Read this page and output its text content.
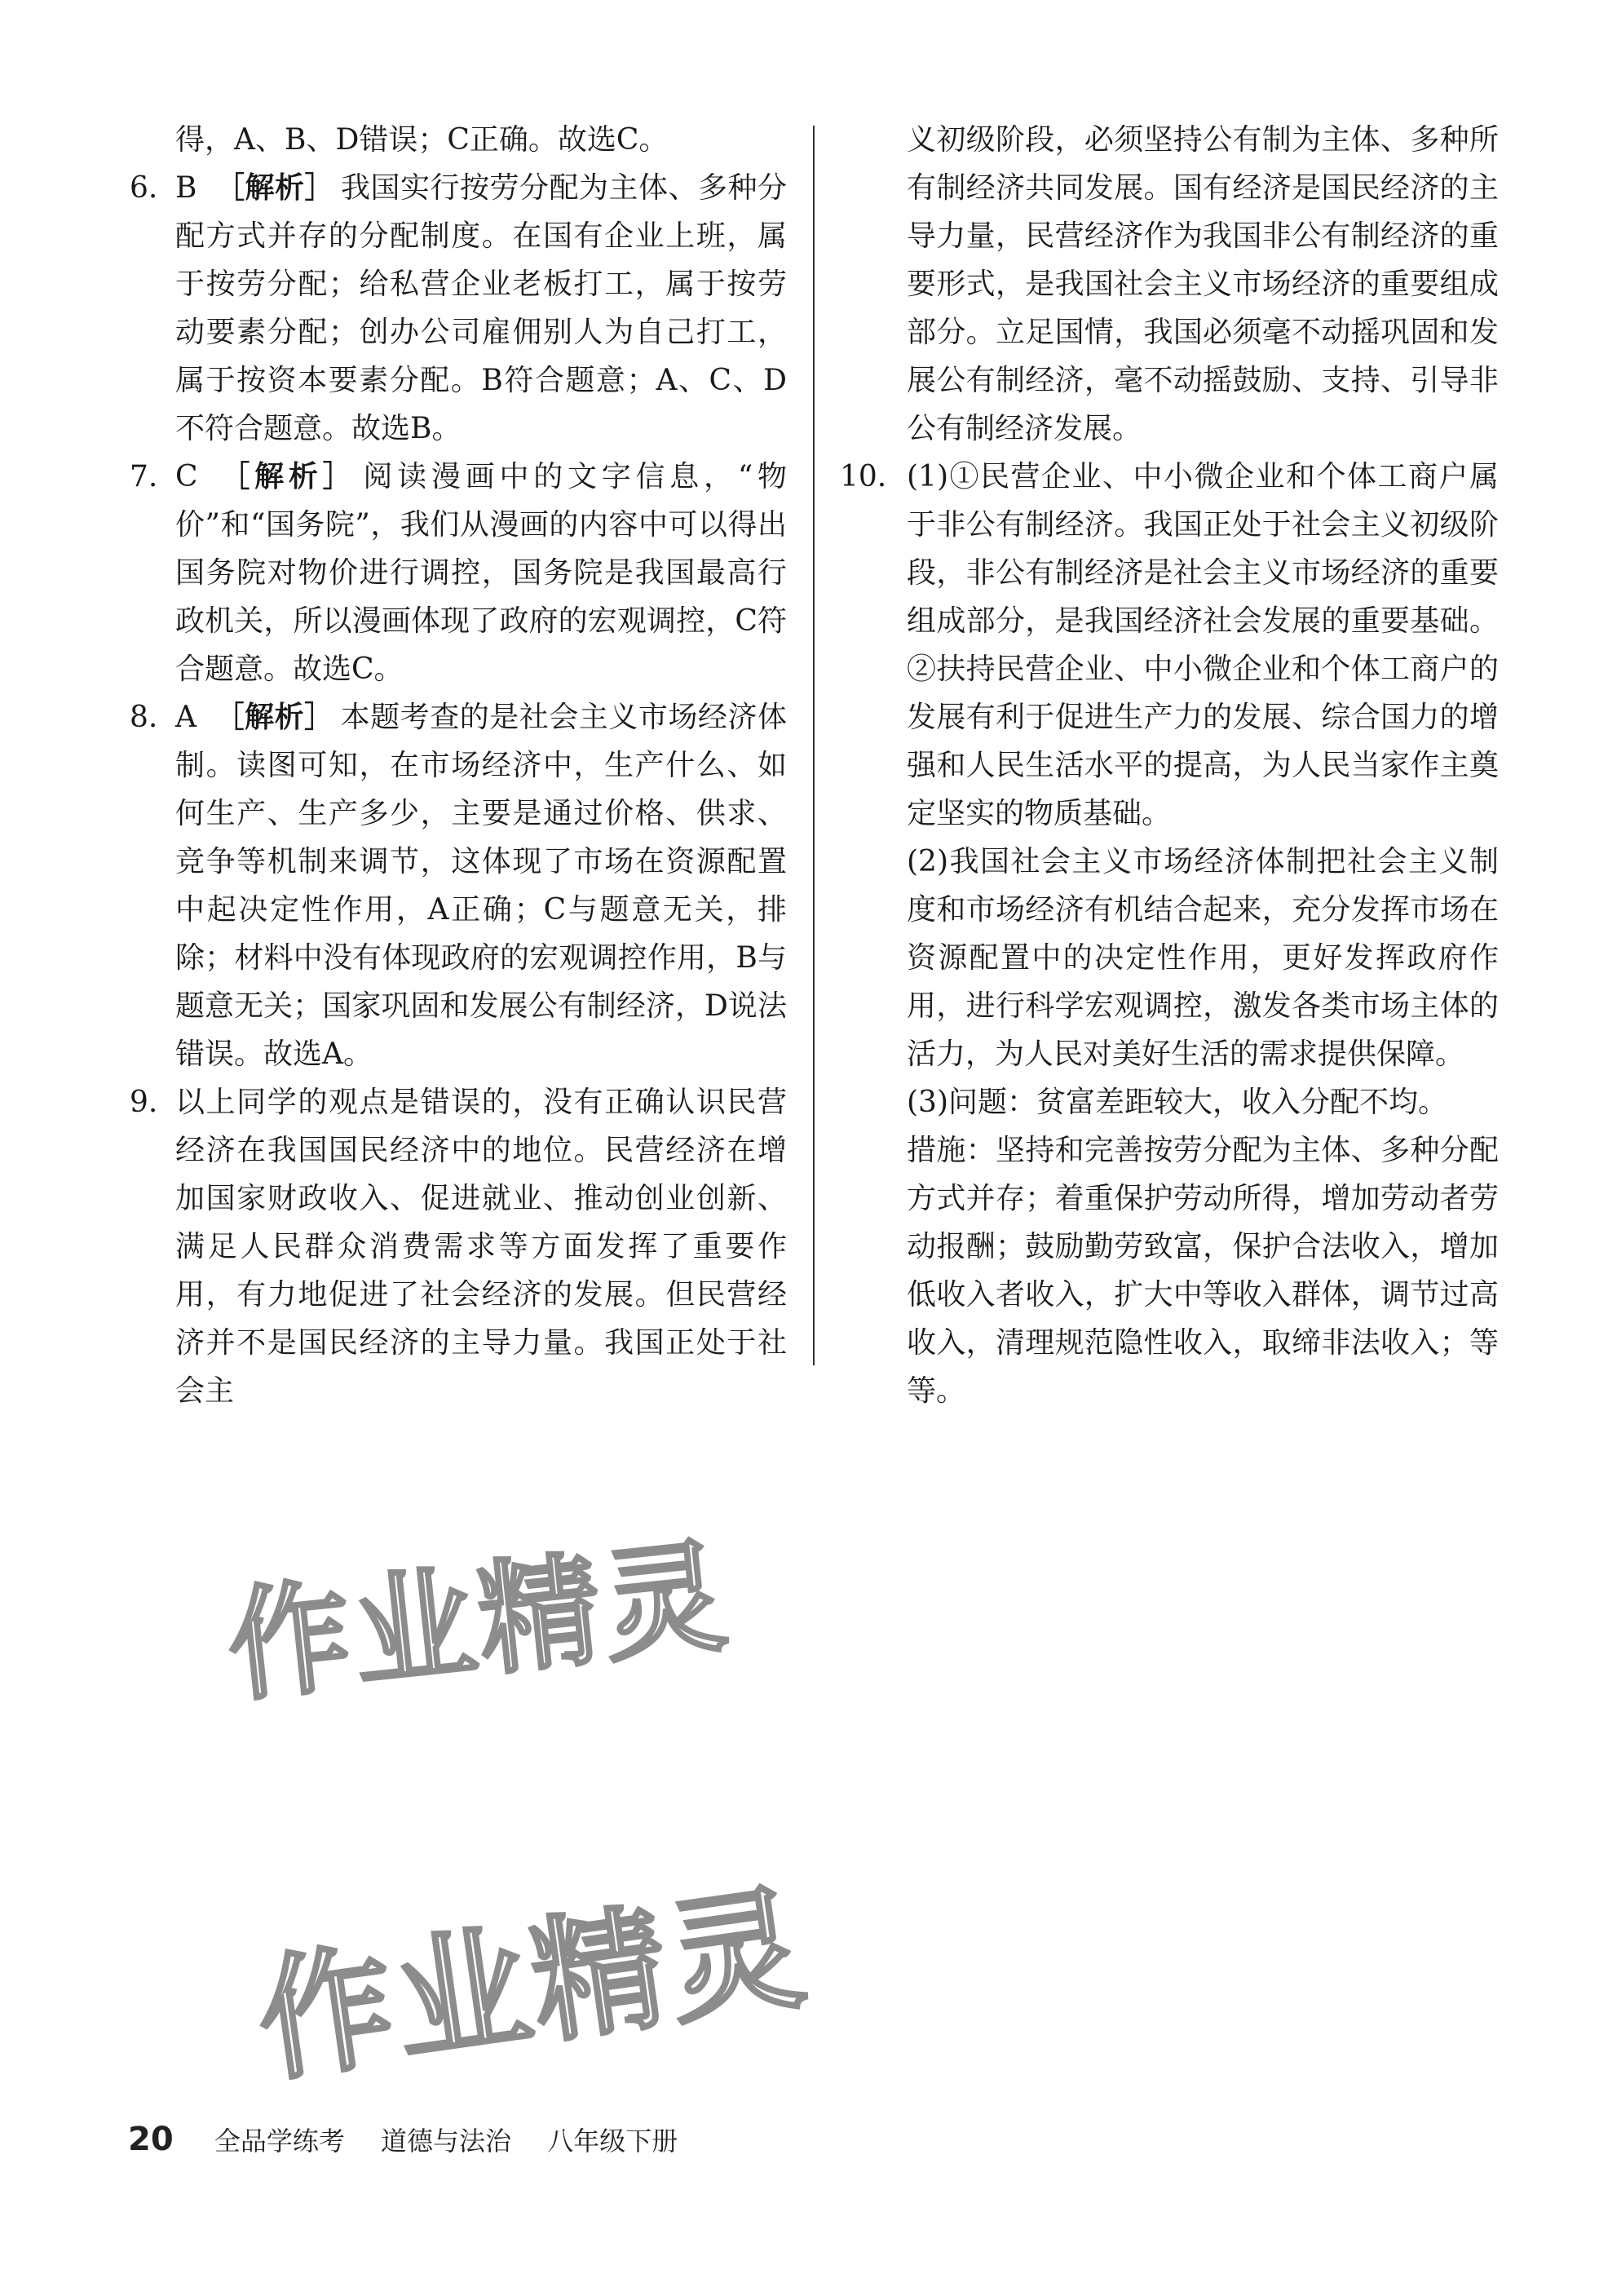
得，A、B、D错误；C正确。故选C。

6. B ［解析］ 我国实行按劳分配为主体、多种分配方式并存的分配制度。在国有企业上班，属于按劳分配；给私营企业老板打工，属于按劳动要素分配；创办公司雇佣别人为自己打工，属于按资本要素分配。B符合题意；A、C、D不符合题意。故选B。
7. C ［解析］ 阅读漫画中的文字信息，“物价”和“国务院”，我们从漫画的内容中可以得出国务院对物价进行调控，国务院是我国最高行政机关，所以漫画体现了政府的宏观调控，C符合题意。故选C。
8. A ［解析］ 本题考查的是社会主义市场经济体制。读图可知，在市场经济中，生产什么、如何生产、生产多少，主要是通过价格、供求、竞争等机制来调节，这体现了市场在资源配置中起决定性作用，A正确；C与题意无关，排除；材料中没有体现政府的宏观调控作用，B与题意无关；国家巩固和发展公有制经济，D说法错误。故选A。
9. 以上同学的观点是错误的，没有正确认识民营经济在我国国民经济中的地位。民营经济在增加国家财政收入、促进就业、推动创业创新、满足人民群众消费需求等方面发挥了重要作用，有力地促进了社会经济的发展。但民营经济并不是国民经济的主导力量。我国正处于社会主

义初级阶段，必须坚持公有制为主体、多种所有制经济共同发展。国有经济是国民经济的主导力量，民营经济作为我国非公有制经济的重要形式，是我国社会主义市场经济的重要组成部分。立足国情，我国必须毫不动摇巩固和发展公有制经济，毫不动摇鼓励、支持、引导非公有制经济发展。

10. (1)①民营企业、中小微企业和个体工商户属于非公有制经济。我国正处于社会主义初级阶段，非公有制经济是社会主义市场经济的重要组成部分，是我国经济社会发展的重要基础。②扶持民营企业、中小微企业和个体工商户的发展有利于促进生产力的发展、综合国力的增强和人民生活水平的提高，为人民当家作主奠定坚实的物质基础。

(2)我国社会主义市场经济体制把社会主义制度和市场经济有机结合起来，充分发挥市场在资源配置中的决定性作用，更好发挥政府作用，进行科学宏观调控，激发各类市场主体的活力，为人民对美好生活的需求提供保障。

(3)问题：贫富差距较大，收入分配不均。

措施：坚持和完善按劳分配为主体、多种分配方式并存；着重保护劳动所得，增加劳动者劳动报酬；鼓励勤劳致富，保护合法收入，增加低收入者收入，扩大中等收入群体，调节过高收入，清理规范隐性收入，取缔非法收入；等等。

作业精灵
作业精灵
20 全品学练考 道德与法治 八年级下册
